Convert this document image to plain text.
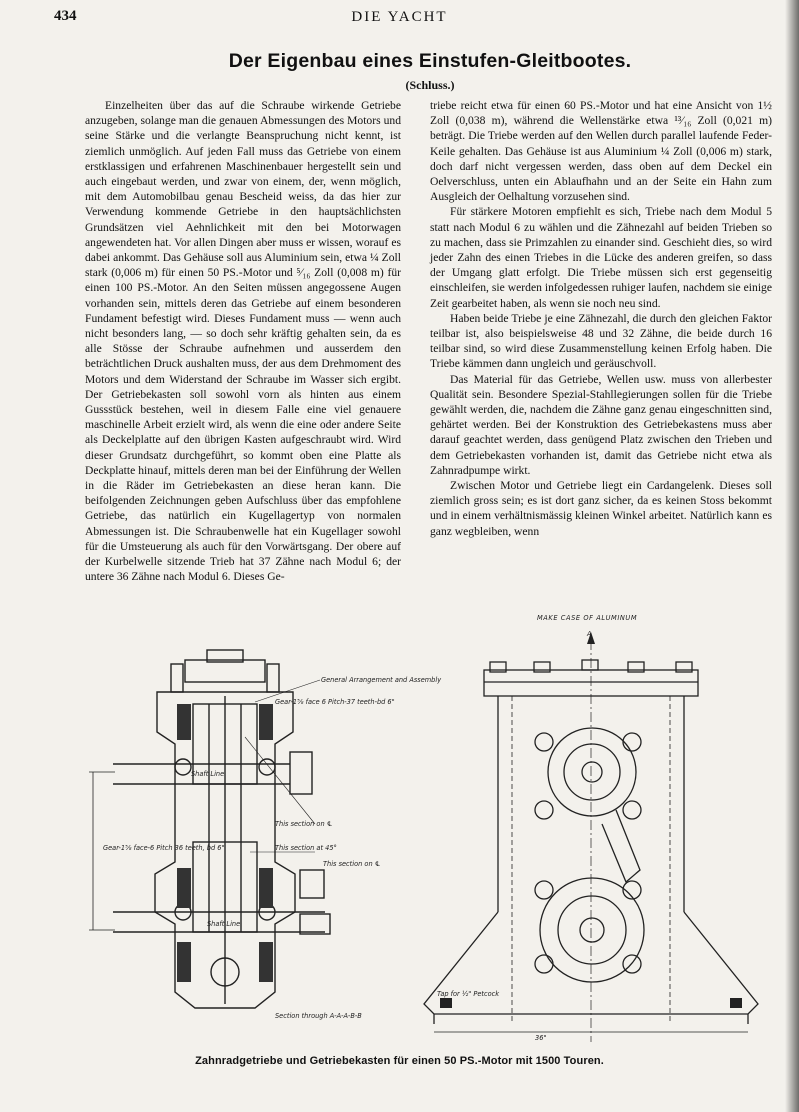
434	DIE YACHT
Der Eigenbau eines Einstufen-Gleitbootes.
(Schluss.)

Einzelheiten über das auf die Schraube wirkende Getriebe anzugeben, solange man die genauen Abmessungen des Motors und seine Stärke und die verlangte Beanspruchung nicht kennt, ist ziemlich unmöglich. Auf jeden Fall muss das Getriebe von einem erstklassigen und erfahrenen Maschinenbauer hergestellt sein und auch eingebaut werden, und zwar von einem, der, wenn möglich, mit dem Automobilbau genau Bescheid weiss, da das hier zur Verwendung kommende Getriebe in den hauptsächlichsten Grundsätzen viel Aehnlichkeit mit den bei Motorwagen angewendeten hat. Vor allen Dingen aber muss er wissen, worauf es dabei ankommt. Das Gehäuse soll aus Aluminium sein, etwa ¼ Zoll stark (0,006 m) für einen 50 PS.-Motor und ⁵⁄₁₆ Zoll (0,008 m) für einen 100 PS.-Motor. An den Seiten müssen angegossene Augen vorhanden sein, mittels deren das Getriebe auf einem besonderen Fundament befestigt wird. Dieses Fundament muss — wenn auch nicht besonders lang, — so doch sehr kräftig gehalten sein, da es alle Stösse der Schraube aufnehmen und ausserdem den beträchtlichen Druck aushalten muss, der aus dem Drehmoment des Motors und dem Widerstand der Schraube im Wasser sich ergibt. Der Getriebekasten soll sowohl vorn als hinten aus einem Gussstück bestehen, weil in diesem Falle eine viel genauere maschinelle Arbeit erzielt wird, als wenn die eine oder andere Seite als Deckelplatte auf den übrigen Kasten aufgeschraubt wird. Wird dieser Grundsatz durchgeführt, so kommt oben eine Platte als Deckplatte hinauf, mittels deren man bei der Einführung der Wellen in die Räder im Getriebekasten an diese heran kann. Die beifolgenden Zeichnungen geben Aufschluss über das empfohlene Getriebe, das natürlich ein Kugellagertyp von normalen Abmessungen ist. Die Schraubenwelle hat ein Kugellager sowohl für die Umsteuerung als auch für den Vorwärtsgang. Der obere auf der Kurbelwelle sitzende Trieb hat 37 Zähne nach Modul 6; der untere 36 Zähne nach Modul 6. Dieses Ge-

triebe reicht etwa für einen 60 PS.-Motor und hat eine Ansicht von 1½ Zoll (0,038 m), während die Wellenstärke etwa ¹³⁄₁₆ Zoll (0,021 m) beträgt. Die Triebe werden auf den Wellen durch parallel laufende Feder-Keile gehalten. Das Gehäuse ist aus Aluminium ¼ Zoll (0,006 m) stark, doch darf nicht vergessen werden, dass oben auf dem Deckel ein Oelverschluss, unten ein Ablaufhahn und an der Seite ein Hahn zum Ausgleich der Oelhaltung vorzusehen sind.

Für stärkere Motoren empfiehlt es sich, Triebe nach dem Modul 5 statt nach Modul 6 zu wählen und die Zähnezahl auf beiden Trieben so zu machen, dass sie Primzahlen zu einander sind. Geschieht dies, so wird jeder Zahn des einen Triebes in die Lücke des anderen greifen, so dass der Umgang glatt erfolgt. Die Triebe müssen sich erst gegenseitig einschleifen, sie werden infolgedessen ruhiger laufen, nachdem sie einige Zeit gearbeitet haben, als wenn sie noch neu sind.

Haben beide Triebe je eine Zähnezahl, die durch den gleichen Faktor teilbar ist, also beispielsweise 48 und 32 Zähne, die beide durch 16 teilbar sind, so wird diese Zusammenstellung keinen Erfolg haben. Die Triebe kämmen dann ungleich und geräuschvoll.

Das Material für das Getriebe, Wellen usw. muss von allerbester Qualität sein. Besondere Spezial-Stahllegierungen sollen für die Triebe gewählt werden, die, nachdem die Zähne ganz genau eingeschnitten sind, gehärtet werden. Bei der Konstruktion des Getriebekastens muss aber darauf geachtet werden, dass genügend Platz zwischen den Trieben und dem Getriebekasten vorhanden ist, damit das Getriebe nicht etwa als Zahnradpumpe wirkt.

Zwischen Motor und Getriebe liegt ein Cardangelenk. Dieses soll ziemlich gross sein; es ist dort ganz sicher, da es keinen Stoss bekommt und in einem verhältnismässig kleinen Winkel arbeitet. Natürlich kann es ganz wegbleiben, wenn

General Arrangement and Assembly
Gear-1⅝ face 6 Pitch-37 teeth-bd 6"
Gear-1⅝ face-6 Pitch 36 teeth, bd 6"
Shaft Line
Shaft Line
This section on ℄
This section at 45°
This section on ℄
Section through A-A-A-B-B
MAKE CASE OF ALUMINUM
A
Tap for ½" Petcock
36"
Zahnradgetriebe und Getriebekasten für einen 50 PS.-Motor mit 1500 Touren.
